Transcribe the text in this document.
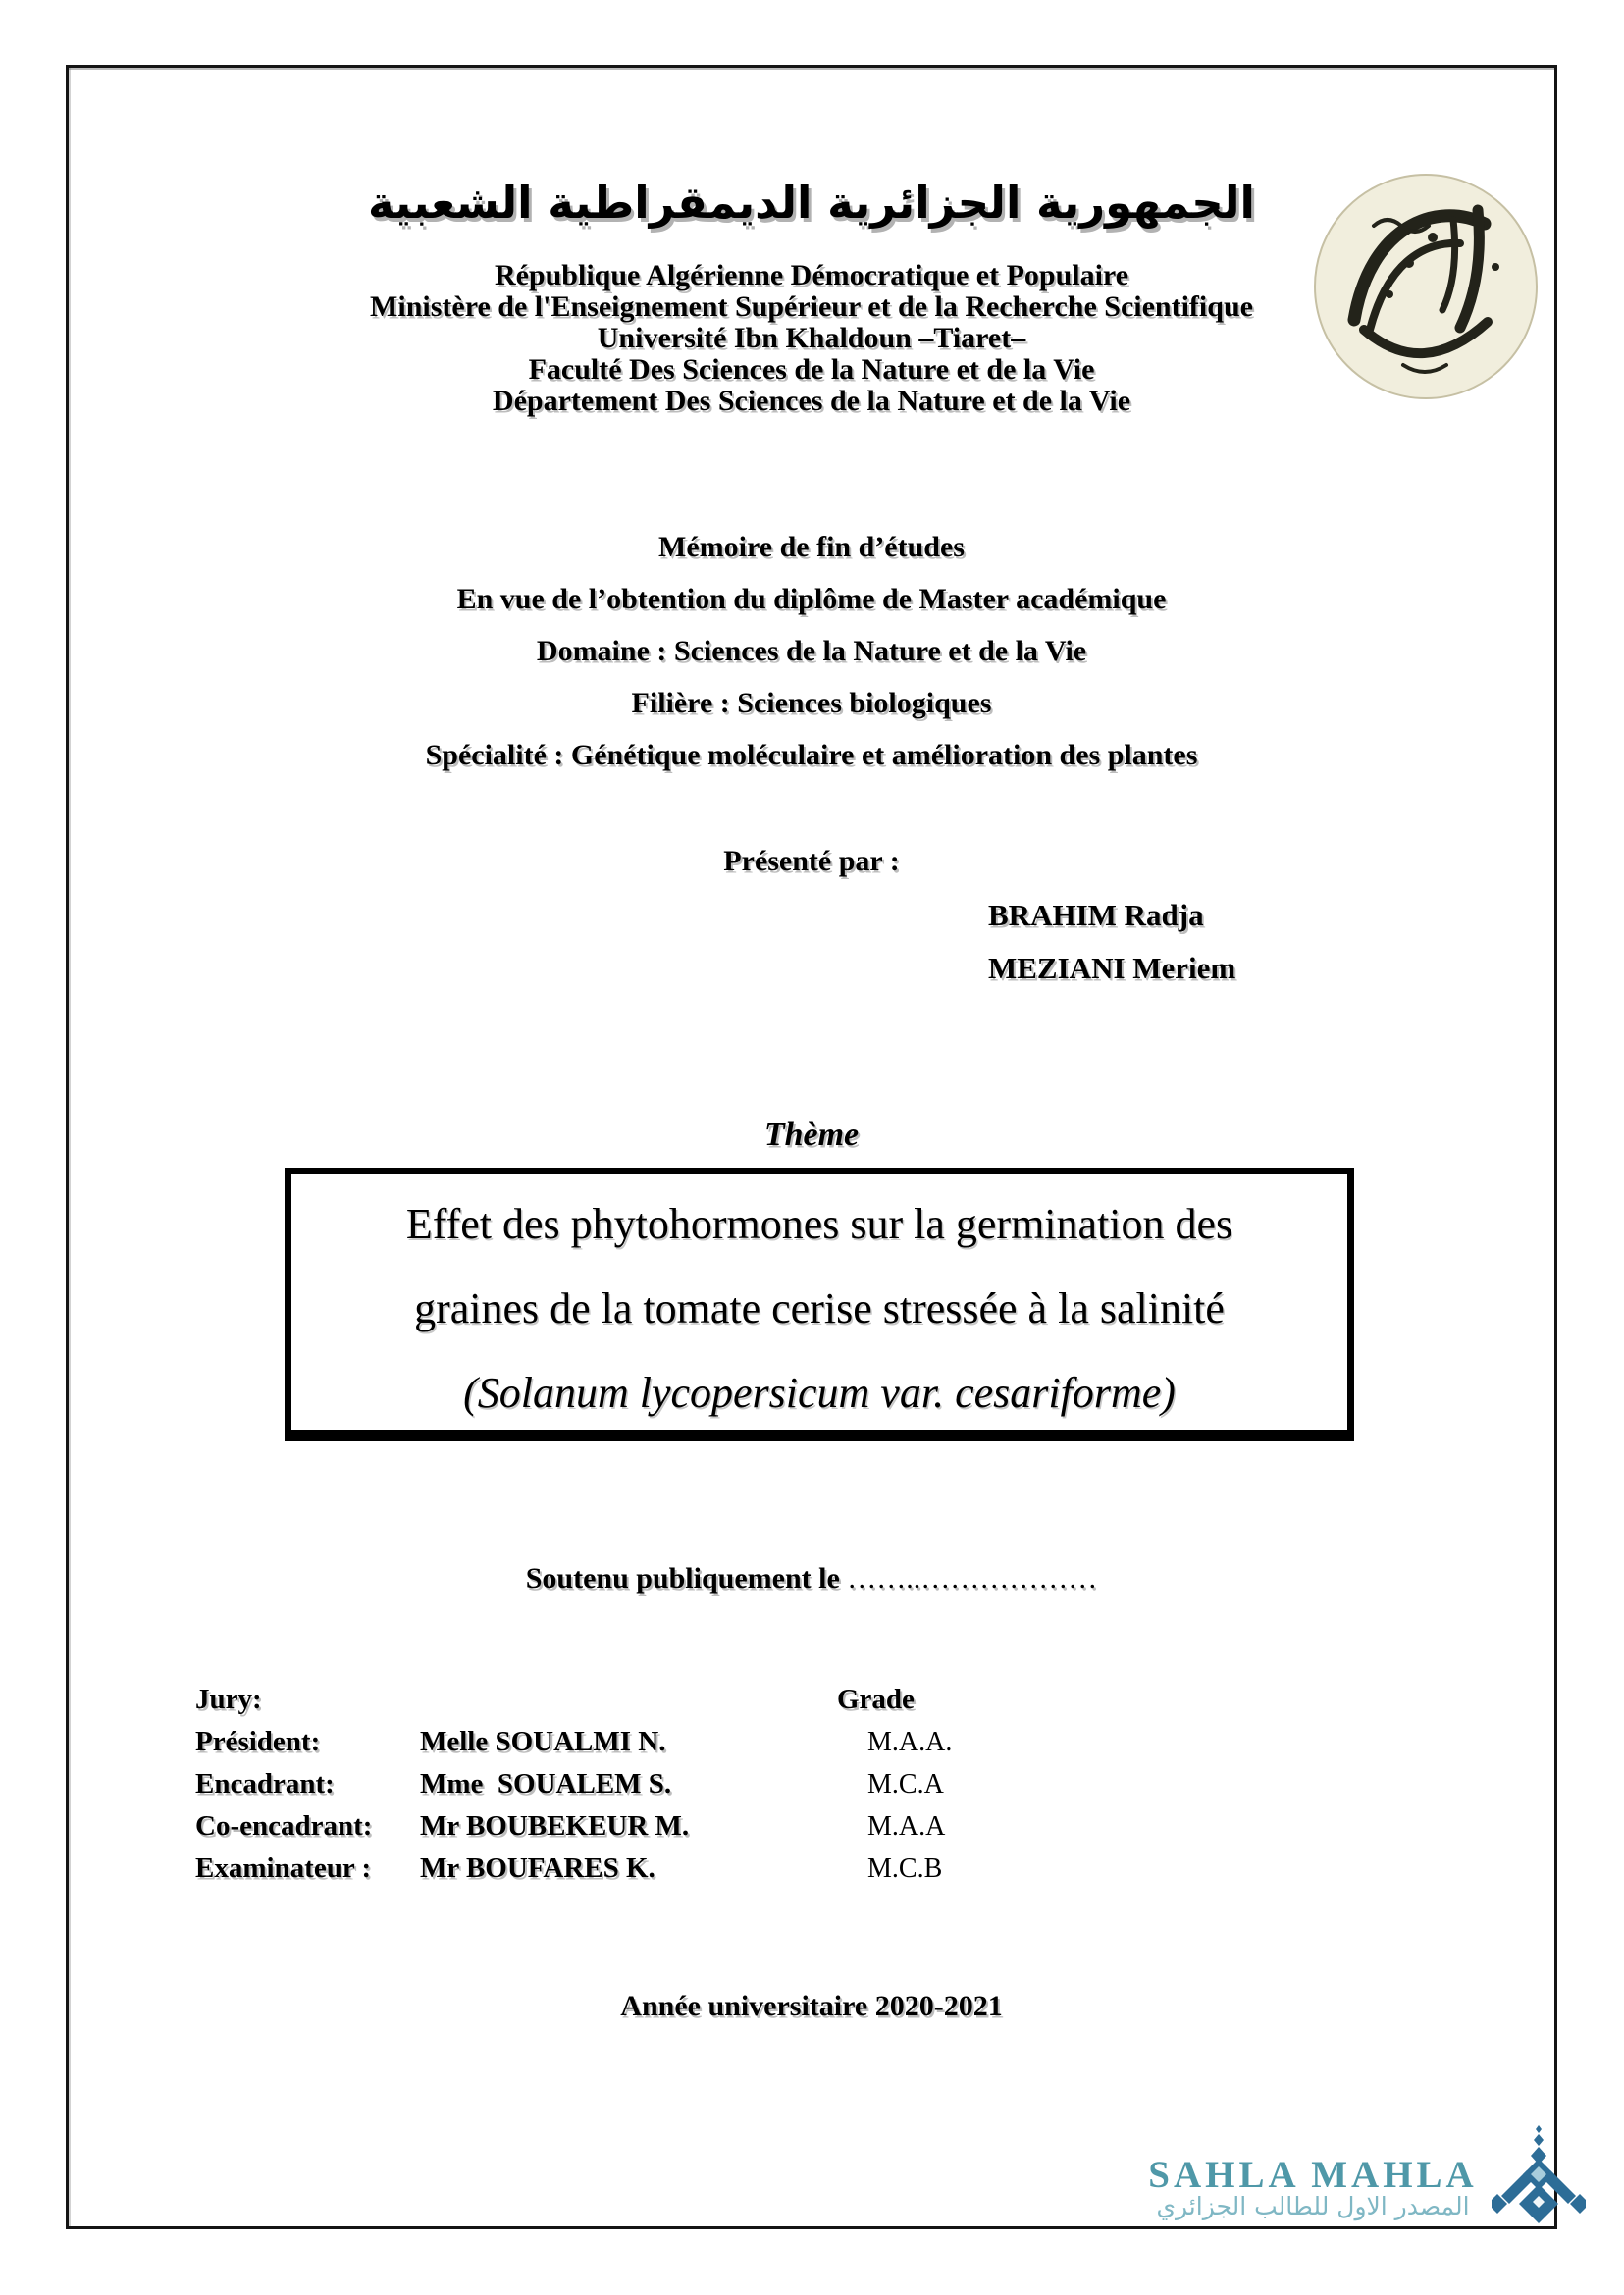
الجمهورية الجزائرية الديمقراطية الشعبية
République Algérienne Démocratique et Populaire
Ministère de l'Enseignement Supérieur et de la Recherche Scientifique
Université Ibn Khaldoun –Tiaret–
Faculté Des Sciences de la Nature et de la Vie
Département Des Sciences de la Nature et de la Vie
Mémoire de fin d’études
En vue de l’obtention du diplôme de Master académique
Domaine : Sciences de la Nature et de la Vie
Filière : Sciences biologiques
Spécialité : Génétique moléculaire et amélioration des plantes
Présenté par :
BRAHIM Radja
MEZIANI Meriem
Thème
Effet des phytohormones sur la germination des
graines de la tomate cerise stressée à la salinité
(Solanum lycopersicum var. cesariforme)
Soutenu publiquement le ……..………………
Jury:	Grade
Président:	Melle SOUALMI N.	M.A.A.
Encadrant:	Mme  SOUALEM S.	M.C.A
Co-encadrant: Mr BOUBEKEUR M.	M.A.A
Examinateur : Mr BOUFARES K.	M.C.B
Année universitaire 2020-2021
SAHLA MAHLA
المصدر الاول للطالب الجزائري
